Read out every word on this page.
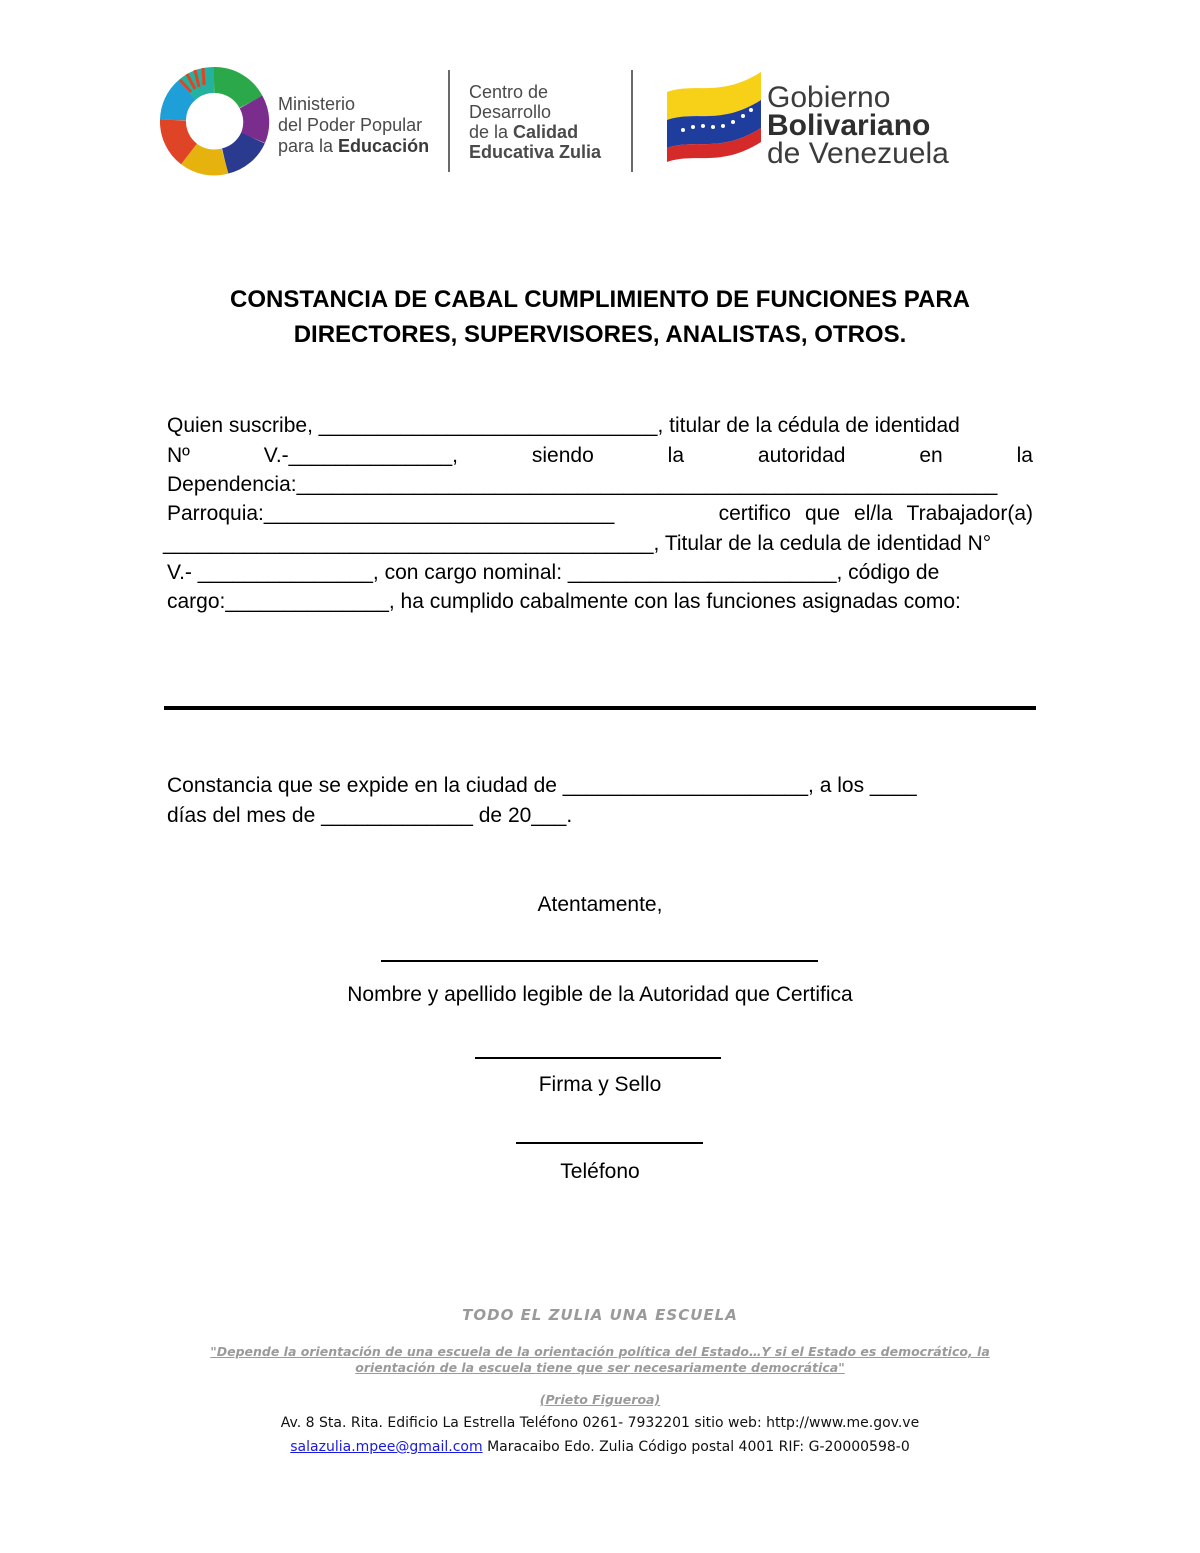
Ministerio
del Poder Popular
para la Educación
Centro de
Desarrollo
de la Calidad
Educativa Zulia
Gobierno
Bolivariano
de Venezuela
CONSTANCIA DE CABAL CUMPLIMIENTO DE FUNCIONES PARA
DIRECTORES, SUPERVISORES, ANALISTAS, OTROS.
Quien suscribe, _____________________________, titular de la cédula de identidad
Nº	V.-______________,	siendo	la	autoridad	en	la
Dependencia:____________________________________________________________
Parroquia:______________________________	certifico que el/la Trabajador(a)
__________________________________________, Titular de la cedula de identidad N°
V.- _______________, con cargo nominal: _______________________, código de
cargo:______________, ha cumplido cabalmente con las funciones asignadas como:
Constancia que se expide en la ciudad de _____________________, a los ____
días del mes de _____________ de 20___.
Atentamente,
Nombre y apellido legible de la Autoridad que Certifica
Firma y Sello
Teléfono
TODO EL ZULIA UNA ESCUELA
"Depende la orientación de una escuela de la orientación política del Estado…Y si el Estado es democrático, la
orientación de la escuela tiene que ser necesariamente democrática"
(Prieto Figueroa)
Av. 8 Sta. Rita. Edificio La Estrella Teléfono 0261- 7932201 sitio web: http://www.me.gov.ve
salazulia.mpee@gmail.com Maracaibo Edo. Zulia Código postal 4001 RIF: G-20000598-0
